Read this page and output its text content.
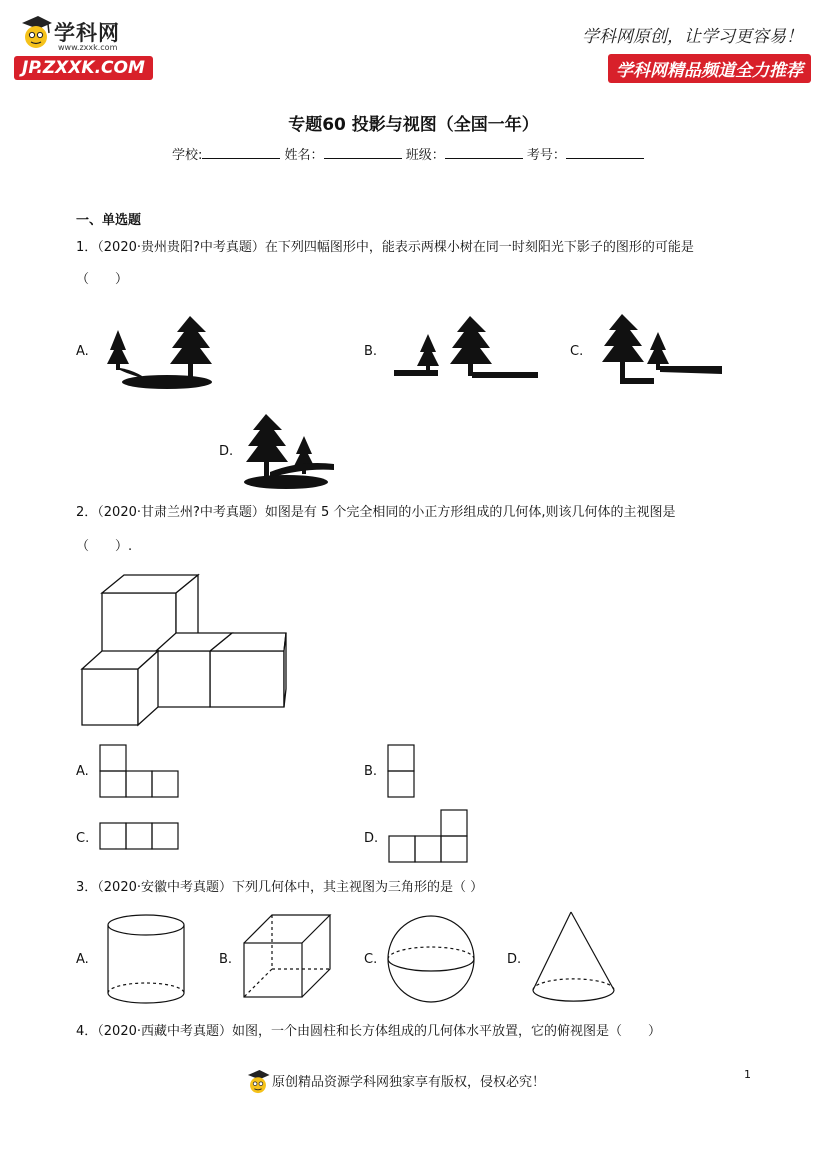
学科网
www.zxxk.com
JP.ZXXK.COM
学科网原创，让学习更容易！
学科网精品频道全力推荐
专题60 投影与视图（全国一年）
学校:	姓名：	班级：	考号：
一、单选题
1．（2020·贵州贵阳?中考真题）在下列四幅图形中，能表示两棵小树在同一时刻阳光下影子的图形的可能是
（　　）
A.	B.	C.
D.
2．（2020·甘肃兰州?中考真题）如图是有 5 个完全相同的小正方形组成的几何体,则该几何体的主视图是
（　　）.
A.	B.
C.	D.
3．（2020·安徽中考真题）下列几何体中，其主视图为三角形的是（ ）
A.	B.	C.	D.
4．（2020·西藏中考真题）如图，一个由圆柱和长方体组成的几何体水平放置，它的俯视图是（　　）
原创精品资源学科网独家享有版权，侵权必究！
1
